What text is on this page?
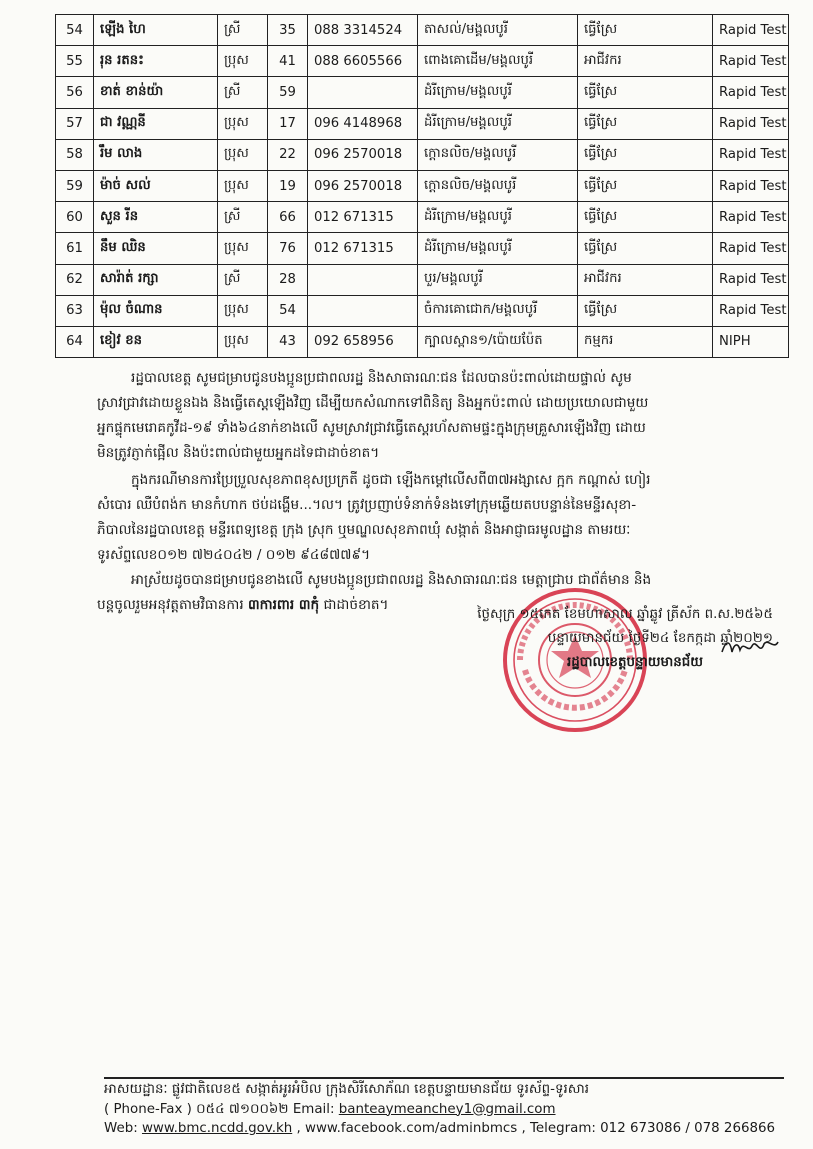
54	ឡើង ហៃ	ស្រី	35	088 3314524	តាសល់/មង្គលបូរី	ធ្វើស្រែ	Rapid Test
55	រុន រតនះ	ប្រុស	41	088 6605566	ពោងគោដើម/មង្គលបូរី	អាជីវករ	Rapid Test
56	ខាត់ ខាន់យ៉ា	ស្រី	59		ដំរីក្រោម/មង្គលបូរី	ធ្វើស្រែ	Rapid Test
57	ជា វណ្ណនី	ប្រុស	17	096 4148968	ដំរីក្រោម/មង្គលបូរី	ធ្វើស្រែ	Rapid Test
58	រឹម លាង	ប្រុស	22	096 2570018	ក្ដោនលិច/មង្គលបូរី	ធ្វើស្រែ	Rapid Test
59	ម៉ាច់ សល់	ប្រុស	19	096 2570018	ក្ដោនលិច/មង្គលបូរី	ធ្វើស្រែ	Rapid Test
60	សួន រីន	ស្រី	66	012 671315	ដំរីក្រោម/មង្គលបូរី	ធ្វើស្រែ	Rapid Test
61	នឹម ឈិន	ប្រុស	76	012 671315	ដំរីក្រោម/មង្គលបូរី	ធ្វើស្រែ	Rapid Test
62	សារ៉ាត់ រក្សា	ស្រី	28		បួរ/មង្គលបូរី	អាជីវករ	Rapid Test
63	ម៉ុល ចំណាន	ប្រុស	54		ចំការគោជោក/មង្គលបូរី	ធ្វើស្រែ	Rapid Test
64	ខៀវ ខន	ប្រុស	43	092 658956	ក្បាលស្ពាន១/ប៉ោយប៉ែត	កម្មករ	NIPH
រដ្ឋបាលខេត្ត សូមជម្រាបជូនបងប្អូនប្រជាពលរដ្ឋ និងសាធារណៈជន ដែលបានប៉ះពាល់ដោយផ្ទាល់ សូម
ស្រាវជ្រាវដោយខ្លួនឯង និងធ្វើតេស្តឡើងវិញ ដើម្បីយកសំណាកទៅពិនិត្យ និងអ្នកប៉ះពាល់ ដោយប្រយោលជាមួយ
អ្នកផ្ទុកមេរោគកូវីដ-១៩ ទាំង៦៤នាក់ខាងលើ សូមស្រាវជ្រាវធ្វើតេស្តរហ័សតាមផ្ទះក្នុងក្រុមគ្រួសារឡើងវិញ ដោយ
មិនត្រូវភ្ញាក់ផ្អើល និងប៉ះពាល់ជាមួយអ្នកដទៃជាដាច់ខាត។
ក្នុងករណីមានការប្រែប្រួលសុខភាពខុសប្រក្រតី ដូចជា ឡើងកម្ដៅលើសពី៣៧អង្សាសេ ក្អក កណ្ដាស់ ហៀរ
សំបោរ ឈឺបំពង់ក មានកំហាក ថប់ដង្ហើម...។ល។ ត្រូវប្រញាប់ទំនាក់ទំនងទៅក្រុមឆ្លើយតបបន្ទាន់នៃមន្ទីរសុខា-
ភិបាលនៃរដ្ឋបាលខេត្ត មន្ទីរពេទ្យខេត្ត ក្រុង ស្រុក ឬមណ្ឌលសុខភាពឃុំ សង្កាត់ និងអាជ្ញាធរមូលដ្ឋាន តាមរយៈ
ទូរស័ព្ទលេខ០១២ ៧២៤០៤២ / ០១២ ៩៤៨៧៧៩។
អាស្រ័យដូចបានជម្រាបជូនខាងលើ សូមបងប្អូនប្រជាពលរដ្ឋ និងសាធារណៈជន មេត្តាជ្រាប ជាព័ត៌មាន និង
បន្តចូលរួមអនុវត្តតាមវិធានការ ៣ការពារ ៣កុំ ជាដាច់ខាត។
ថ្ងៃសុក្រ ១៥កេត ខែមហាសាល ឆ្នាំឆ្លូវ ត្រីស័ក ព.ស.២៥៦៥
បន្ទាយមានជ័យ ថ្ងៃទី២៤ ខែកក្កដា ឆ្នាំ២០២១
រដ្ឋបាលខេត្តបន្ទាយមានជ័យ
អាសយដ្ឋានៈ ផ្លូវជាតិលេខ៥ សង្កាត់អូរអំបិល ក្រុងសិរីសោភ័ណ ខេត្តបន្ទាយមានជ័យ ទូរស័ព្ទ-ទូរសារ
( Phone-Fax ) ០៥៤ ៧១០០៦២ Email: banteaymeanchey1@gmail.com
Web: www.bmc.ncdd.gov.kh , www.facebook.com/adminbmcs , Telegram: 012 673086 / 078 266866
